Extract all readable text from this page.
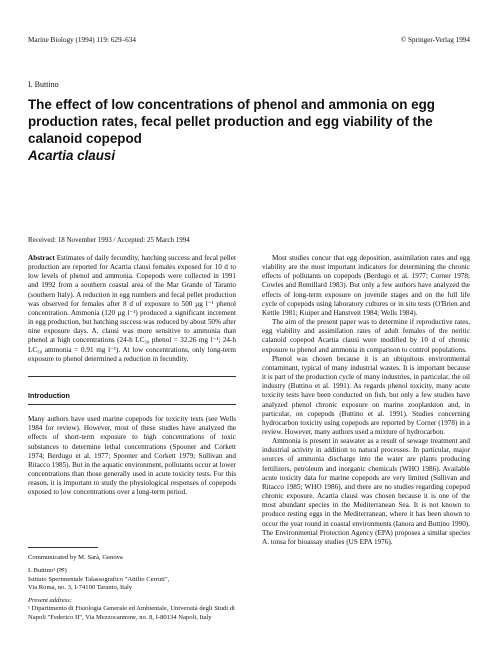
Marine Biology (1994) 119: 629–634	© Springer-Verlag 1994
I. Buttino
The effect of low concentrations of phenol and ammonia on egg production rates, fecal pellet production and egg viability of the calanoid copepod
Acartia clausi
Received: 18 November 1993 / Accepted: 25 March 1994

Abstract Estimates of daily fecundity, hatching success and fecal pellet production are reported for Acartia clausi females exposed for 10 d to low levels of phenol and ammonia. Copepods were collected in 1991 and 1992 from a southern coastal area of the Mar Grande of Taranto (southern Italy). A reduction in egg numbers and fecal pellet production was observed for females after 8 d of exposure to 500 µg l⁻¹ phenol concentration. Ammonia (120 µg l⁻¹) produced a significant increment in egg production, but hatching success was reduced by about 50% after nine exposure days. A. clausi was more sensitive to ammonia than phenol at high concentrations (24-h LC₅₀ phenol = 32.26 mg l⁻¹; 24-h LC₅₀ ammonia = 0.91 mg l⁻¹). At low concentrations, only long-term exposure to phenol determined a reduction in fecundity.

Introduction

Many authors have used marine copepods for toxicity tests (see Wells 1984 for review). However, most of these studies have analyzed the effects of short-term exposure to high concentrations of toxic substances to determine lethal concentrations (Spooner and Corkett 1974; Berdugo et al. 1977; Spooner and Corkett 1979; Sullivan and Ritacco 1985). But in the aquatic environment, pollutants occur at lower concentrations than those generally used in acute toxicity tests. For this reason, it is important to study the physiological responses of copepods exposed to low concentrations over a long-term period.

Communicated by M. Sarà, Genova

I. Buttino¹ (✉)

Istituto Sperimentale Talassografico "Attilio Cerruti",

Via Roma, no. 3, I-74100 Taranto, Italy

Present address:

¹ Dipartimento di Fisiologia Generale ed Ambientale, Università degli Studi di Napoli "Federico II", Via Mezzocannone, no. 8, I-80134 Napoli, Italy

Most studies concur that egg deposition, assimilation rates and egg viability are the most important indicators for determining the chronic effects of pollutants on copepods (Berdugo et al. 1977; Corner 1978; Cowles and Remillard 1983). But only a few authors have analyzed the effects of long-term exposure on juvenile stages and on the full life cycle of copepods using laboratory cultures or in situ tests (O'Brien and Kettle 1981; Kuiper and Hanstveit 1984; Wells 1984).

The aim of the present paper was to determine if reproductive rates, egg viability and assimilation rates of adult females of the neritic calanoid copepod Acartia clausi were modified by 10 d of chronic exposure to phenol and ammonia in comparison to control populations.

Phenol was chosen because it is an ubiquitous environmental contaminant, typical of many industrial wastes. It is important because it is part of the production cycle of many industries, in particular, the oil industry (Buttino et al. 1991). As regards phenol toxicity, many acute toxicity tests have been conducted on fish, but only a few studies have analyzed phenol chronic exposure on marine zooplankton and, in particular, on copepods (Buttino et al. 1991). Studies concerning hydrocarbon toxicity using copepods are reported by Corner (1978) in a review. However, many authors used a mixture of hydrocarbon.

Ammonia is present in seawater as a result of sewage treatment and industrial activity in addition to natural processes. In particular, major sources of ammonia discharge into the water are plants producing fertilizers, petroleum and inorganic chemicals (WHO 1986). Available acute toxicity data for marine copepods are very limited (Sullivan and Ritacco 1985; WHO 1986), and there are no studies regarding copepod chronic exposure. Acartia clausi was chosen because it is one of the most abundant species in the Mediterranean Sea. It is not known to produce resting eggs in the Mediterranean, where it has been shown to occur the year round in coastal environments (Ianora and Buttino 1990). The Environmental Protection Agency (EPA) proposes a similar species A. tonsa for bioassay studies (US EPA 1976).
